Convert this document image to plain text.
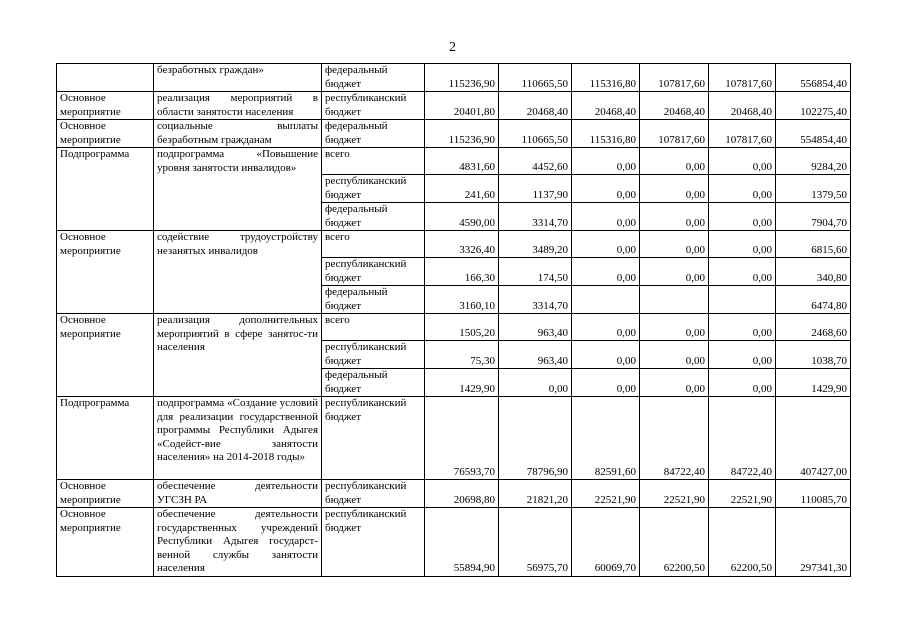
2
	безработных граждан»	федеральный бюджет	115236,90	110665,50	115316,80	107817,60	107817,60	556854,40
Основное мероприятие	реализация мероприятий в области занятости населения	республиканский бюджет	20401,80	20468,40	20468,40	20468,40	20468,40	102275,40
Основное мероприятие	социальные выплаты безработным гражданам	федеральный бюджет	115236,90	110665,50	115316,80	107817,60	107817,60	554854,40
Подпрограмма	подпрограмма «Повышение уровня занятости инвалидов»	всего	4831,60	4452,60	0,00	0,00	0,00	9284,20
		республиканский бюджет	241,60	1137,90	0,00	0,00	0,00	1379,50
		федеральный бюджет	4590,00	3314,70	0,00	0,00	0,00	7904,70
Основное мероприятие	содействие трудоустройству незанятых инвалидов	всего	3326,40	3489,20	0,00	0,00	0,00	6815,60
		республиканский бюджет	166,30	174,50	0,00	0,00	0,00	340,80
		федеральный бюджет	3160,10	3314,70				6474,80
Основное мероприятие	реализация дополнительных мероприятий в сфере занятос-ти населения	всего	1505,20	963,40	0,00	0,00	0,00	2468,60
		республиканский бюджет	75,30	963,40	0,00	0,00	0,00	1038,70
		федеральный бюджет	1429,90	0,00	0,00	0,00	0,00	1429,90
Подпрограмма	подпрограмма «Создание условий для реализации государственной программы Республики Адыгея «Содейст-вие занятости населения» на 2014-2018 годы»	республиканский бюджет	76593,70	78796,90	82591,60	84722,40	84722,40	407427,00
Основное мероприятие	обеспечение деятельности УГСЗН РА	республиканский бюджет	20698,80	21821,20	22521,90	22521,90	22521,90	110085,70
Основное мероприятие	обеспечение деятельности государственных учреждений Республики Адыгея государст-венной службы занятости населения	республиканский бюджет	55894,90	56975,70	60069,70	62200,50	62200,50	297341,30
